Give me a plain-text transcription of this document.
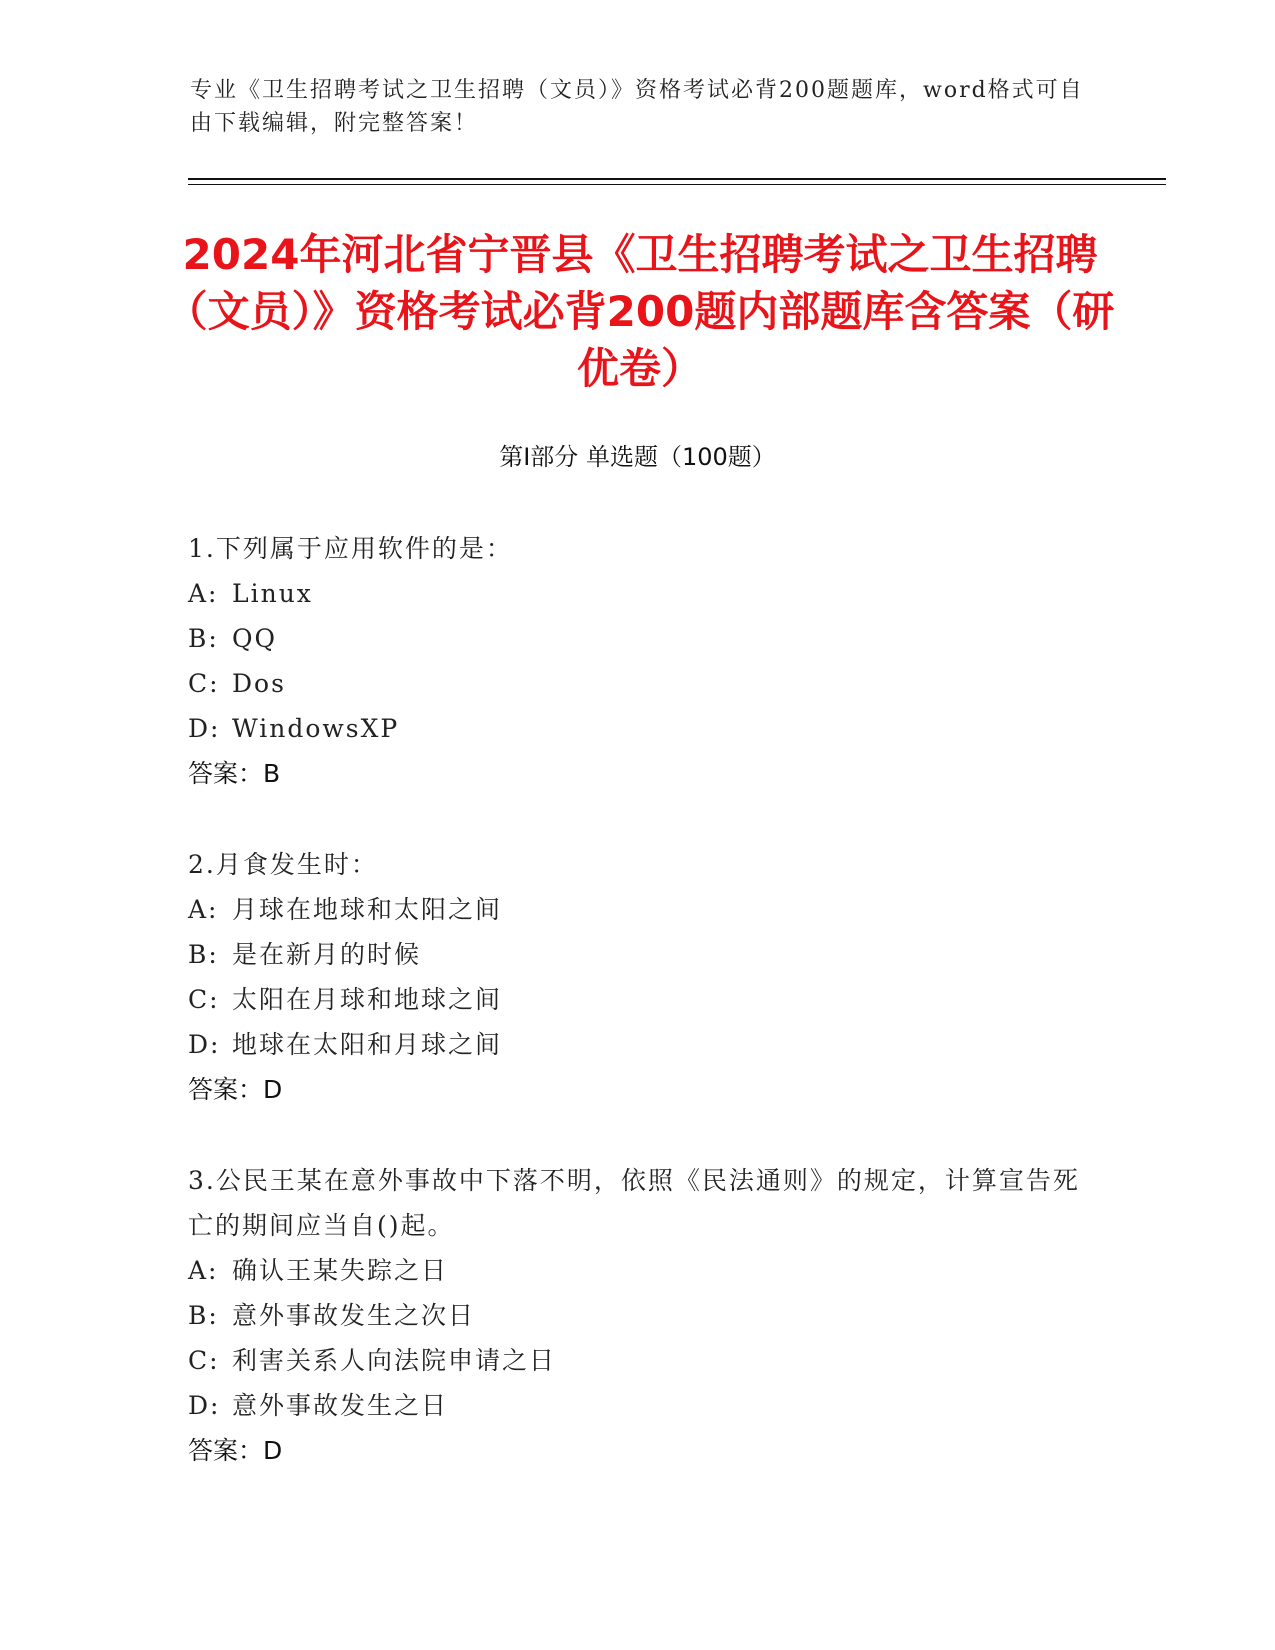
专业《卫生招聘考试之卫生招聘（文员）》资格考试必背200题题库，word格式可自由下载编辑，附完整答案！
2024年河北省宁晋县《卫生招聘考试之卫生招聘（文员）》资格考试必背200题内部题库含答案（研优卷）
第Ⅰ部分 单选题（100题）

1.下列属于应用软件的是：

A: Linux
B: QQ
C: Dos
D: WindowsXP
答案：B

2.月食发生时：

A: 月球在地球和太阳之间
B: 是在新月的时候
C: 太阳在月球和地球之间
D: 地球在太阳和月球之间
答案：D

3.公民王某在意外事故中下落不明，依照《民法通则》的规定，计算宣告死亡的期间应当自()起。

A: 确认王某失踪之日
B: 意外事故发生之次日
C: 利害关系人向法院申请之日
D: 意外事故发生之日
答案：D
